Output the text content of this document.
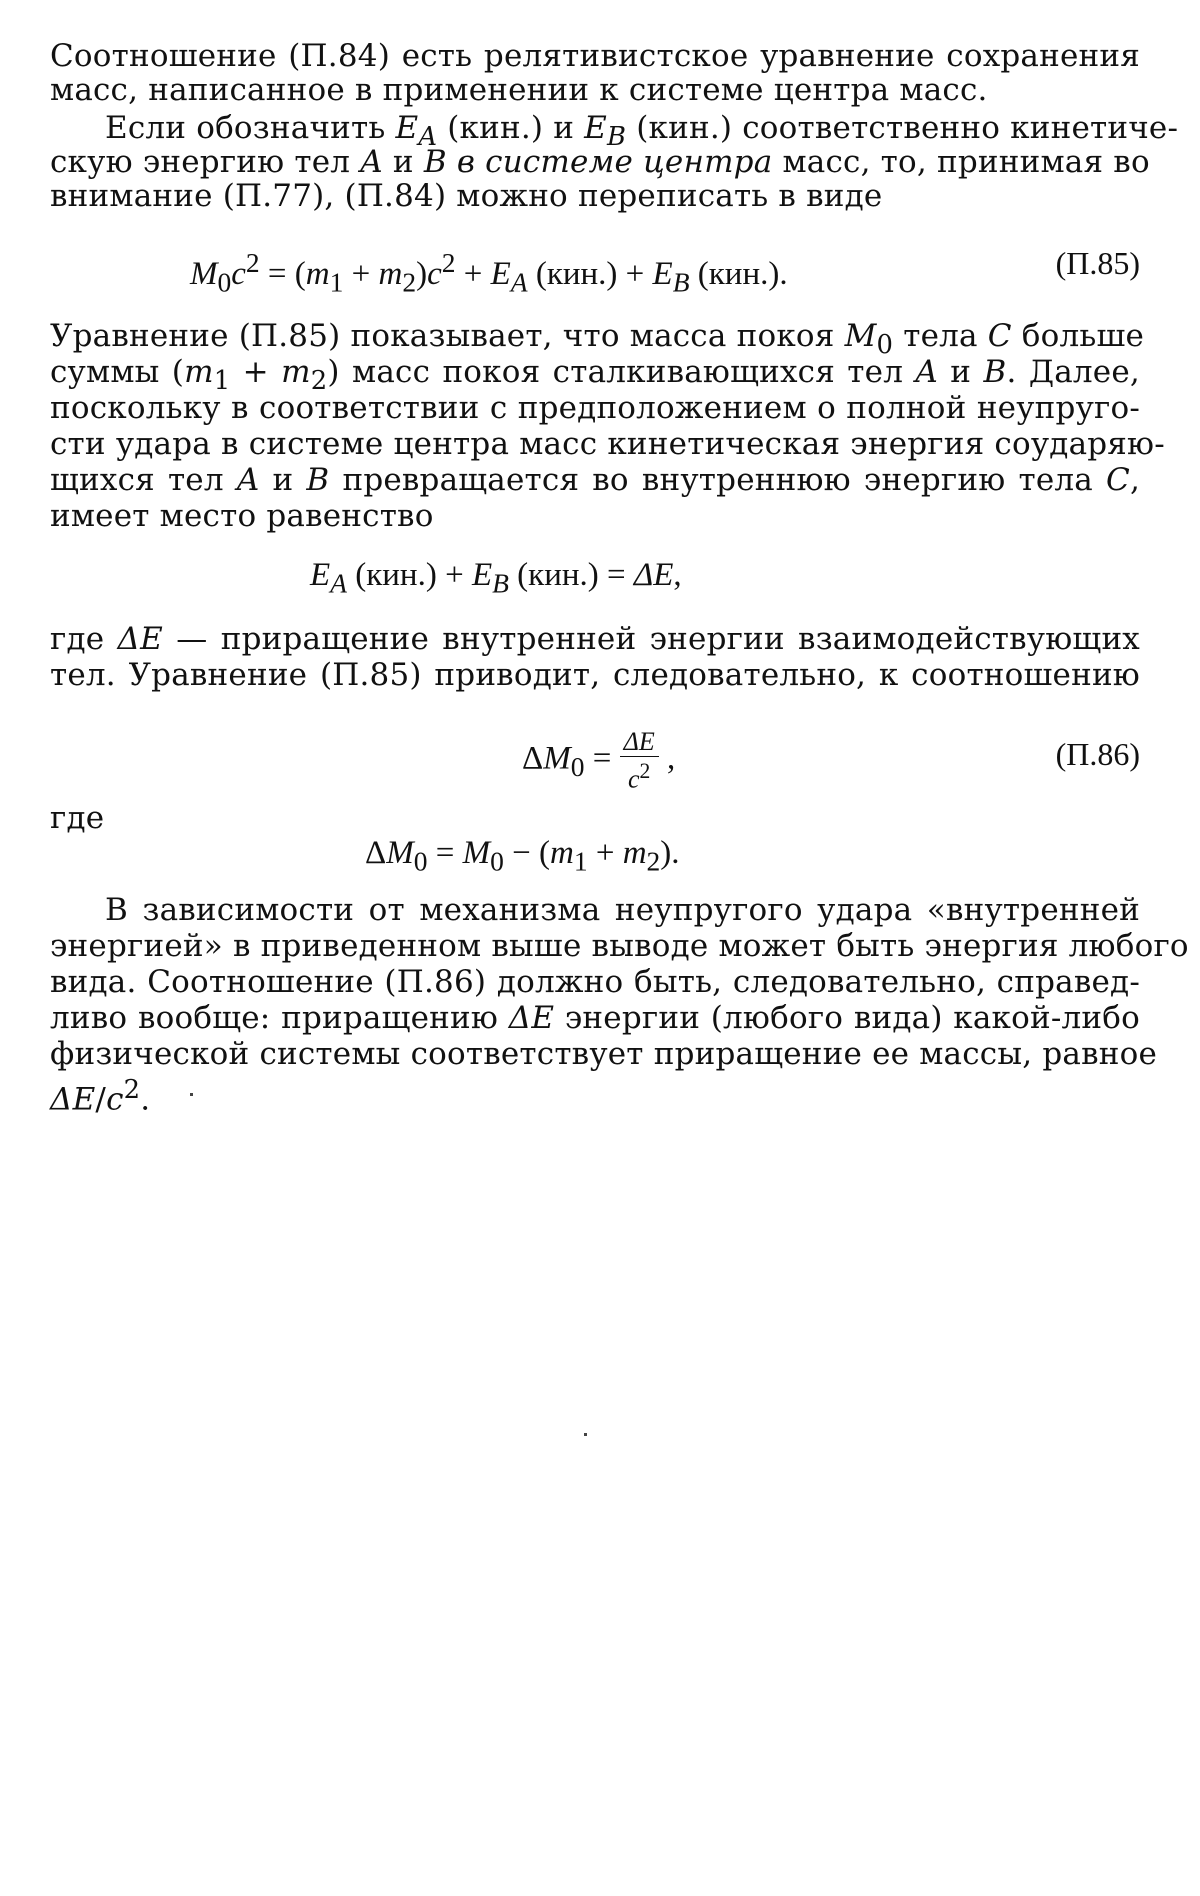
Соотношение (П.84) есть релятивистское уравнение сохранения
масс, написанное в применении к системе центра масс.
Если обозначить EA (кин.) и EB (кин.) соответственно кинетиче-
скую энергию тел A и B в системе центра масс, то, принимая во
внимание (П.77), (П.84) можно переписать в виде
M0c2 = (m1 + m2)c2 + EA (кин.) + EB (кин.).	(П.85)
Уравнение (П.85) показывает, что масса покоя M0 тела C больше
суммы (m1 + m2) масс покоя сталкивающихся тел A и B. Далее,
поскольку в соответствии с предположением о полной неупруго-
сти удара в системе центра масс кинетическая энергия соударяю-
щихся тел A и B превращается во внутреннюю энергию тела C,
имеет место равенство
EA (кин.) + EB (кин.) = ΔE,
где ΔE — приращение внутренней энергии взаимодействующих
тел. Уравнение (П.85) приводит, следовательно, к соотношению
ΔM0 = ΔE
c2 ,	(П.86)
где
ΔM0 = M0 − (m1 + m2).
В зависимости от механизма неупругого удара «внутренней
энергией» в приведенном выше выводе может быть энергия любого
вида. Соотношение (П.86) должно быть, следовательно, справед-
ливо вообще: приращению ΔE энергии (любого вида) какой-либо
физической системы соответствует приращение ее массы, равное
ΔE/c2.
